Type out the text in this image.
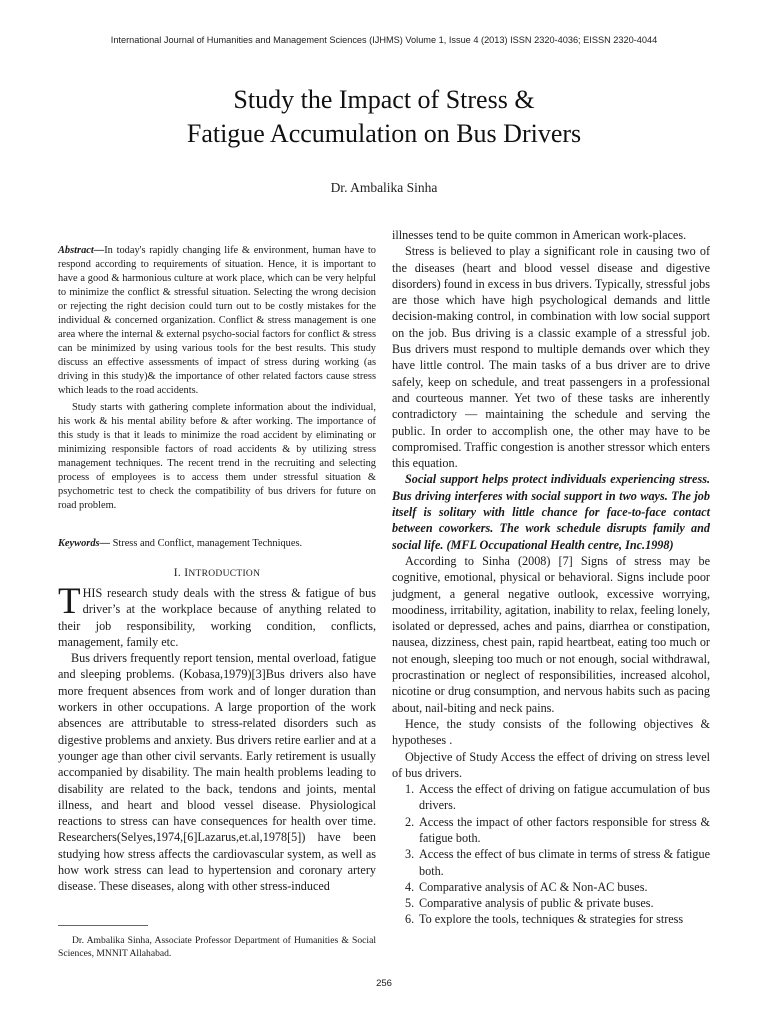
International Journal of Humanities and Management Sciences (IJHMS) Volume 1, Issue 4 (2013) ISSN 2320-4036; EISSN 2320-4044
Study the Impact of Stress &
Fatigue Accumulation on Bus Drivers
Dr. Ambalika Sinha

Abstract—In today's rapidly changing life & environment, human have to respond according to requirements of situation. Hence, it is important to have a good & harmonious culture at work place, which can be very helpful to minimize the conflict & stressful situation. Selecting the wrong decision or rejecting the right decision could turn out to be costly mistakes for the individual & concerned organization. Conflict & stress management is one area where the internal & external psycho-social factors for conflict & stress can be minimized by using various tools for the best results. This study discuss an effective assessments of impact of stress during working (as driving in this study)& the importance of other related factors cause stress which leads to the road accidents.

Study starts with gathering complete information about the individual, his work & his mental ability before & after working. The importance of this study is that it leads to minimize the road accident by eliminating or minimizing responsible factors of road accidents & by utilizing stress management techniques. The recent trend in the recruiting and selecting process of employees is to access them under stressful situation & psychometric test to check the compatibility of bus drivers for future on road problem.

Keywords— Stress and Conflict, management Techniques.
I. INTRODUCTION

THIS research study deals with the stress & fatigue of bus driver’s at the workplace because of anything related to their job responsibility, working condition, conflicts, management, family etc.

Bus drivers frequently report tension, mental overload, fatigue and sleeping problems. (Kobasa,1979)[3]Bus drivers also have more frequent absences from work and of longer duration than workers in other occupations. A large proportion of the work absences are attributable to stress-related disorders such as digestive problems and anxiety. Bus drivers retire earlier and at a younger age than other civil servants. Early retirement is usually accompanied by disability. The main health problems leading to disability are related to the back, tendons and joints, mental illness, and heart and blood vessel disease. Physiological reactions to stress can have consequences for health over time. Researchers(Selyes,1974,[6]Lazarus,et.al,1978[5]) have been studying how stress affects the cardiovascular system, as well as how work stress can lead to hypertension and coronary artery disease. These diseases, along with other stress-induced

Dr. Ambalika Sinha, Associate Professor Department of Humanities & Social Sciences, MNNIT Allahabad.

illnesses tend to be quite common in American work-places.

Stress is believed to play a significant role in causing two of the diseases (heart and blood vessel disease and digestive disorders) found in excess in bus drivers. Typically, stressful jobs are those which have high psychological demands and little decision-making control, in combination with low social support on the job. Bus driving is a classic example of a stressful job. Bus drivers must respond to multiple demands over which they have little control. The main tasks of a bus driver are to drive safely, keep on schedule, and treat passengers in a professional and courteous manner. Yet two of these tasks are inherently contradictory — maintaining the schedule and serving the public. In order to accomplish one, the other may have to be compromised. Traffic congestion is another stressor which enters this equation.

Social support helps protect individuals experiencing stress. Bus driving interferes with social support in two ways. The job itself is solitary with little chance for face-to-face contact between coworkers. The work schedule disrupts family and social life. (MFL Occupational Health centre, Inc.1998)

According to Sinha (2008) [7] Signs of stress may be cognitive, emotional, physical or behavioral. Signs include poor judgment, a general negative outlook, excessive worrying, moodiness, irritability, agitation, inability to relax, feeling lonely, isolated or depressed, aches and pains, diarrhea or constipation, nausea, dizziness, chest pain, rapid heartbeat, eating too much or not enough, sleeping too much or not enough, social withdrawal, procrastination or neglect of responsibilities, increased alcohol, nicotine or drug consumption, and nervous habits such as pacing about, nail-biting and neck pains.

Hence, the study consists of the following objectives & hypotheses .

Objective of Study Access the effect of driving on stress level of bus drivers.

1. Access the effect of driving on fatigue accumulation of bus drivers.
2. Access the impact of other factors responsible for stress & fatigue both.
3. Access the effect of bus climate in terms of stress & fatigue both.
4. Comparative analysis of AC & Non-AC buses.
5. Comparative analysis of public & private buses.
6. To explore the tools, techniques & strategies for stress
256
